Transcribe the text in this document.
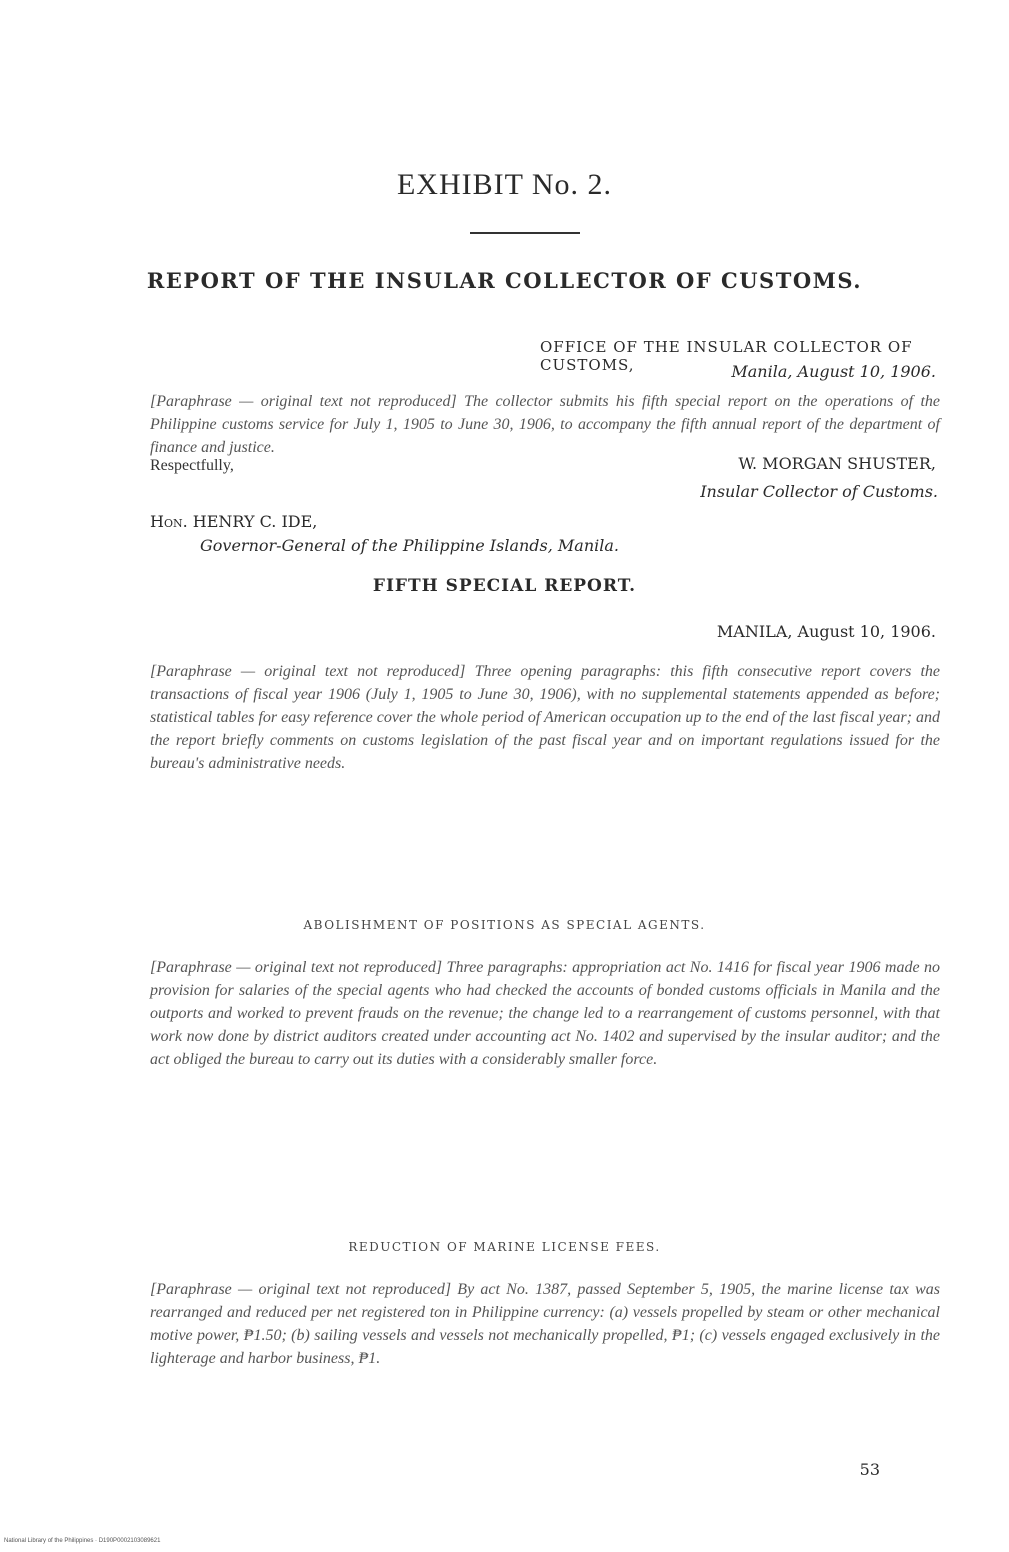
EXHIBIT No. 2.
REPORT OF THE INSULAR COLLECTOR OF CUSTOMS.
OFFICE OF THE INSULAR COLLECTOR OF CUSTOMS,	Manila, August 10, 1906.
[Paraphrase — original text not reproduced] The collector submits his fifth special report on the operations of the Philippine customs service for July 1, 1905 to June 30, 1906, to accompany the fifth annual report of the department of finance and justice.
Respectfully,	W. MORGAN SHUSTER,
Insular Collector of Customs.
Hon. HENRY C. IDE,
Governor-General of the Philippine Islands, Manila.
FIFTH SPECIAL REPORT.
MANILA, August 10, 1906.
[Paraphrase — original text not reproduced] Three opening paragraphs: this fifth consecutive report covers the transactions of fiscal year 1906 (July 1, 1905 to June 30, 1906), with no supplemental statements appended as before; statistical tables for easy reference cover the whole period of American occupation up to the end of the last fiscal year; and the report briefly comments on customs legislation of the past fiscal year and on important regulations issued for the bureau's administrative needs.
ABOLISHMENT OF POSITIONS AS SPECIAL AGENTS.
[Paraphrase — original text not reproduced] Three paragraphs: appropriation act No. 1416 for fiscal year 1906 made no provision for salaries of the special agents who had checked the accounts of bonded customs officials in Manila and the outports and worked to prevent frauds on the revenue; the change led to a rearrangement of customs personnel, with that work now done by district auditors created under accounting act No. 1402 and supervised by the insular auditor; and the act obliged the bureau to carry out its duties with a considerably smaller force.
REDUCTION OF MARINE LICENSE FEES.
[Paraphrase — original text not reproduced] By act No. 1387, passed September 5, 1905, the marine license tax was rearranged and reduced per net registered ton in Philippine currency: (a) vessels propelled by steam or other mechanical motive power, ₱1.50; (b) sailing vessels and vessels not mechanically propelled, ₱1; (c) vessels engaged exclusively in the lighterage and harbor business, ₱1.
53
National Library of the Philippines · D190P0002103089621
